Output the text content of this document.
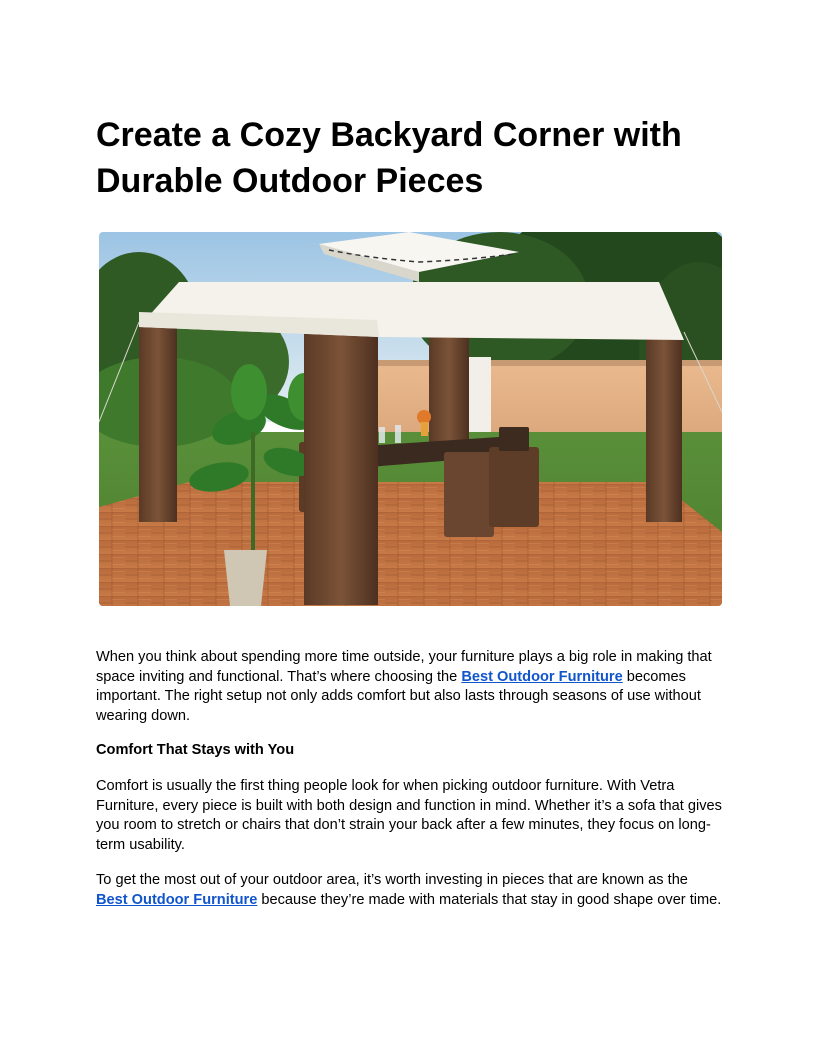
Create a Cozy Backyard Corner with Durable Outdoor Pieces

When you think about spending more time outside, your furniture plays a big role in making that space inviting and functional. That’s where choosing the Best Outdoor Furniture becomes important. The right setup not only adds comfort but also lasts through seasons of use without wearing down.

Comfort That Stays with You

Comfort is usually the first thing people look for when picking outdoor furniture. With Vetra Furniture, every piece is built with both design and function in mind. Whether it’s a sofa that gives you room to stretch or chairs that don’t strain your back after a few minutes, they focus on long-term usability.

To get the most out of your outdoor area, it’s worth investing in pieces that are known as the Best Outdoor Furniture because they’re made with materials that stay in good shape over time.
